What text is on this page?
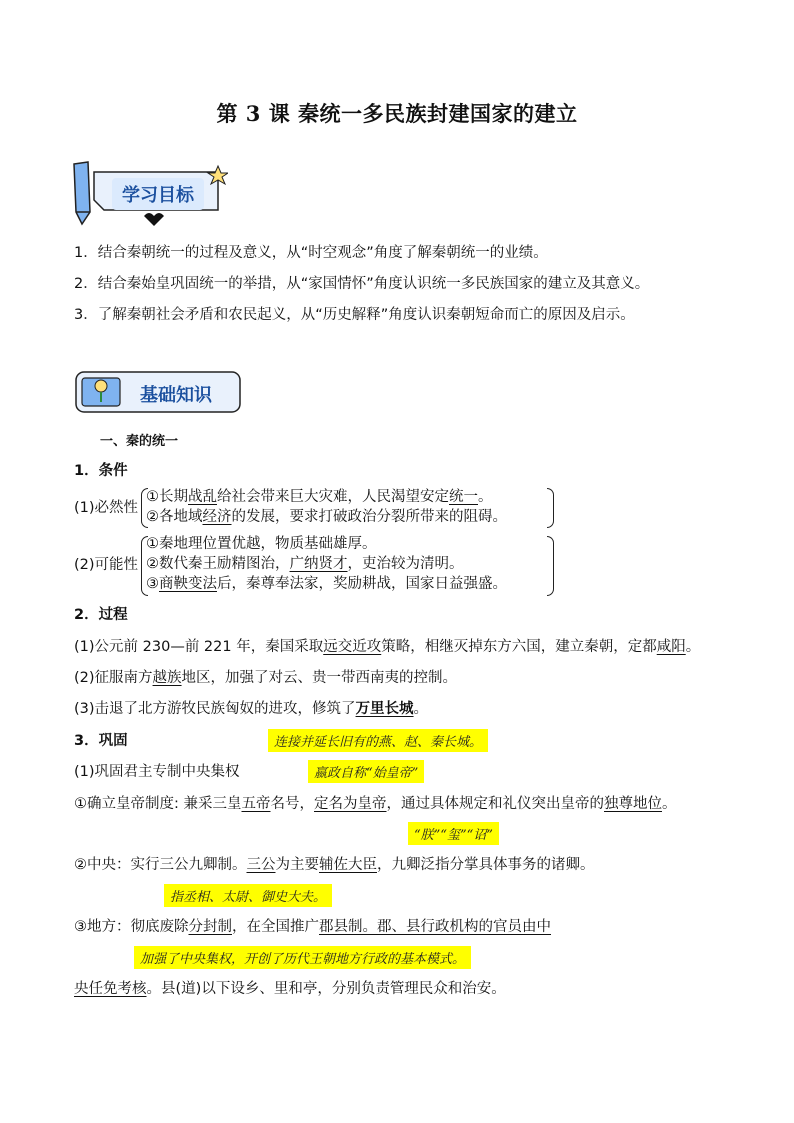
第 3 课 秦统一多民族封建国家的建立
学习目标
1．结合秦朝统一的过程及意义，从“时空观念”角度了解秦朝统一的业绩。
2．结合秦始皇巩固统一的举措，从“家国情怀”角度认识统一多民族国家的建立及其意义。
3．了解秦朝社会矛盾和农民起义，从“历史解释”角度认识秦朝短命而亡的原因及启示。
基础知识
一、秦的统一
1．条件
(1)必然性
①长期战乱给社会带来巨大灾难，人民渴望安定统一。
②各地域经济的发展，要求打破政治分裂所带来的阻碍。
(2)可能性
①秦地理位置优越，物质基础雄厚。
②数代秦王励精图治，广纳贤才，吏治较为清明。
③商鞅变法后，秦尊奉法家，奖励耕战，国家日益强盛。
2．过程
(1)公元前 230—前 221 年，秦国采取远交近攻策略，相继灭掉东方六国，建立秦朝，定都咸阳。
(2)征服南方越族地区，加强了对云、贵一带西南夷的控制。
(3)击退了北方游牧民族匈奴的进攻，修筑了万里长城。
3．巩固	连接并延长旧有的燕、赵、秦长城。
(1)巩固君主专制中央集权	嬴政自称“始皇帝”
①确立皇帝制度: 兼采三皇五帝名号，定名为皇帝，通过具体规定和礼仪突出皇帝的独尊地位。
“朕”“玺”“诏”
②中央：实行三公九卿制。三公为主要辅佐大臣，九卿泛指分掌具体事务的诸卿。
指丞相、太尉、御史大夫。
③地方：彻底废除分封制，在全国推广郡县制。郡、县行政机构的官员由中
加强了中央集权，开创了历代王朝地方行政的基本模式。
央任免考核。县(道)以下设乡、里和亭，分别负责管理民众和治安。
